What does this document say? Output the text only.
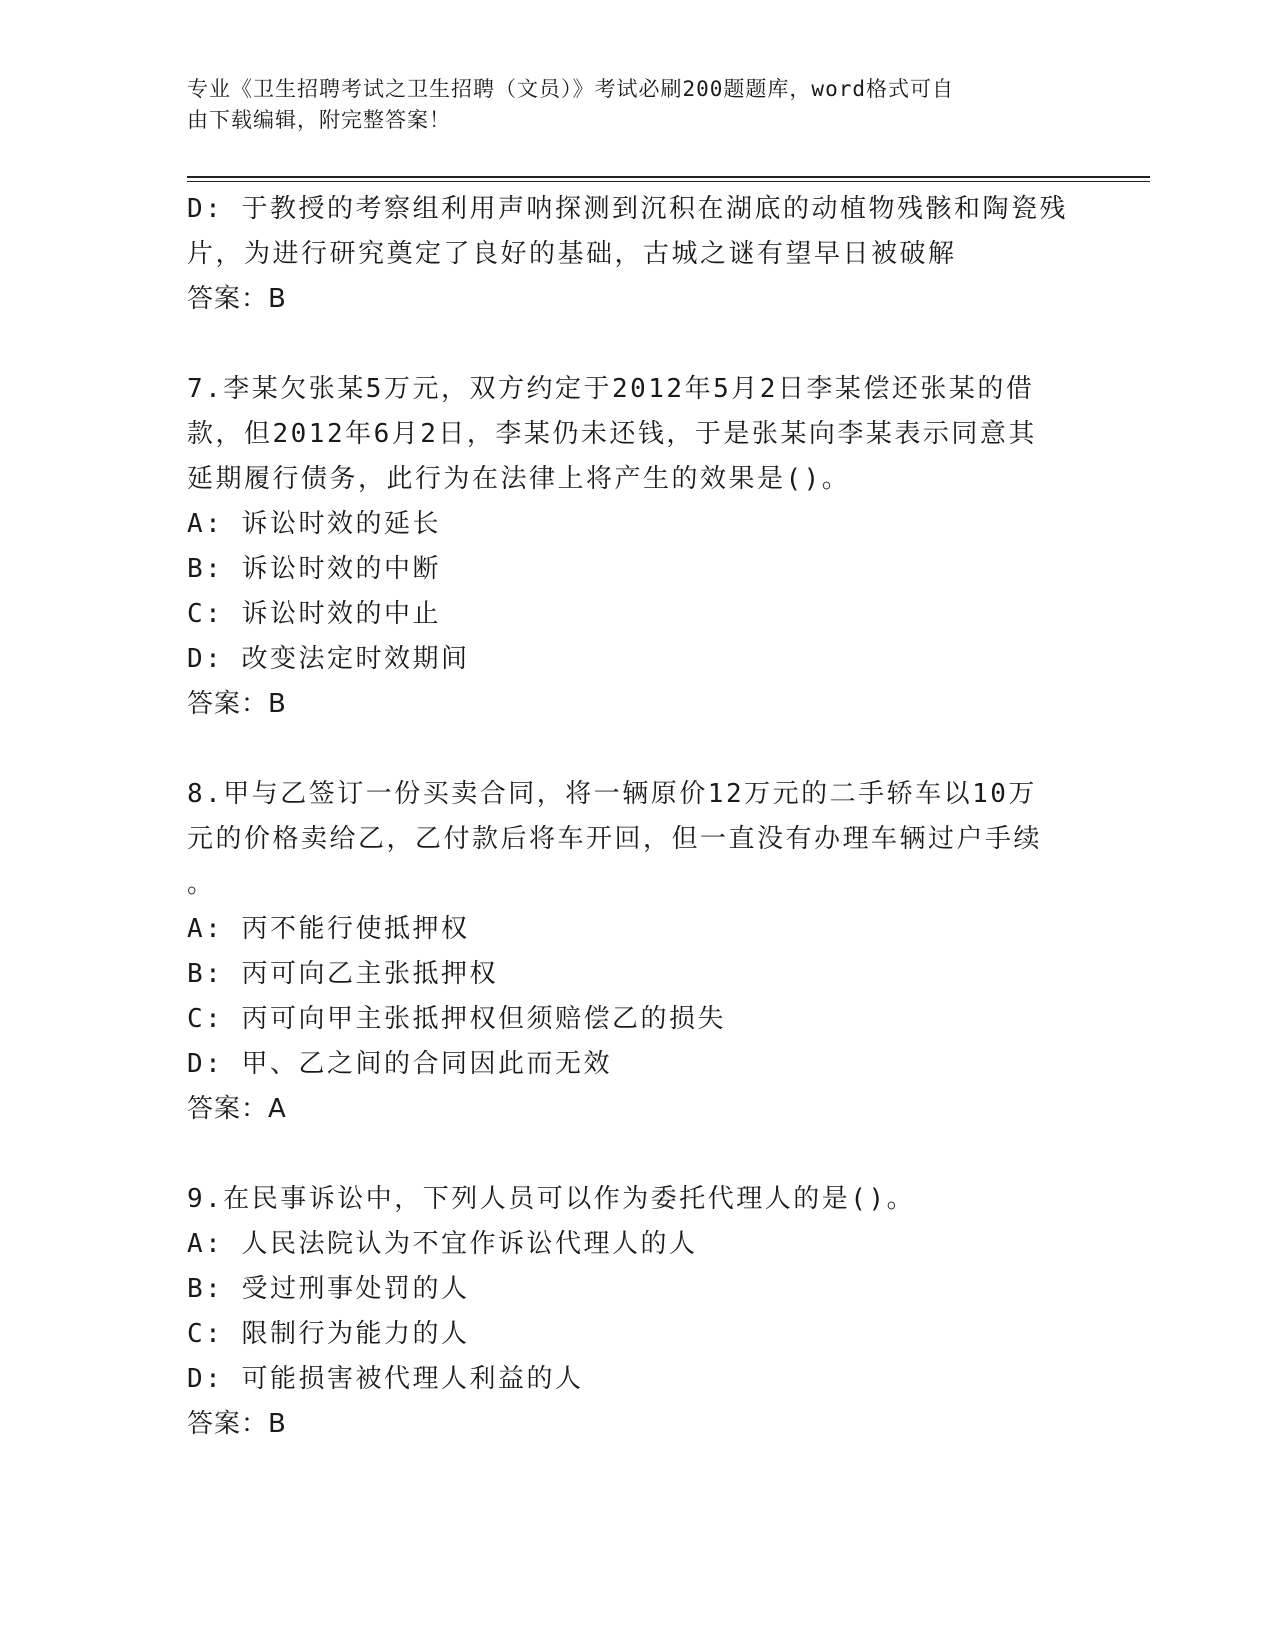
专业《卫生招聘考试之卫生招聘（文员）》考试必刷200题题库，word格式可自
由下载编辑，附完整答案！
D: 于教授的考察组利用声呐探测到沉积在湖底的动植物残骸和陶瓷残
片，为进行研究奠定了良好的基础，古城之谜有望早日被破解
答案：B
7.李某欠张某5万元，双方约定于2012年5月2日李某偿还张某的借
款，但2012年6月2日，李某仍未还钱，于是张某向李某表示同意其
延期履行债务，此行为在法律上将产生的效果是()。
A: 诉讼时效的延长
B: 诉讼时效的中断
C: 诉讼时效的中止
D: 改变法定时效期间
答案：B
8.甲与乙签订一份买卖合同，将一辆原价12万元的二手轿车以10万
元的价格卖给乙，乙付款后将车开回，但一直没有办理车辆过户手续
。
A: 丙不能行使抵押权
B: 丙可向乙主张抵押权
C: 丙可向甲主张抵押权但须赔偿乙的损失
D: 甲、乙之间的合同因此而无效
答案：A
9.在民事诉讼中，下列人员可以作为委托代理人的是()。
A: 人民法院认为不宜作诉讼代理人的人
B: 受过刑事处罚的人
C: 限制行为能力的人
D: 可能损害被代理人利益的人
答案：B
